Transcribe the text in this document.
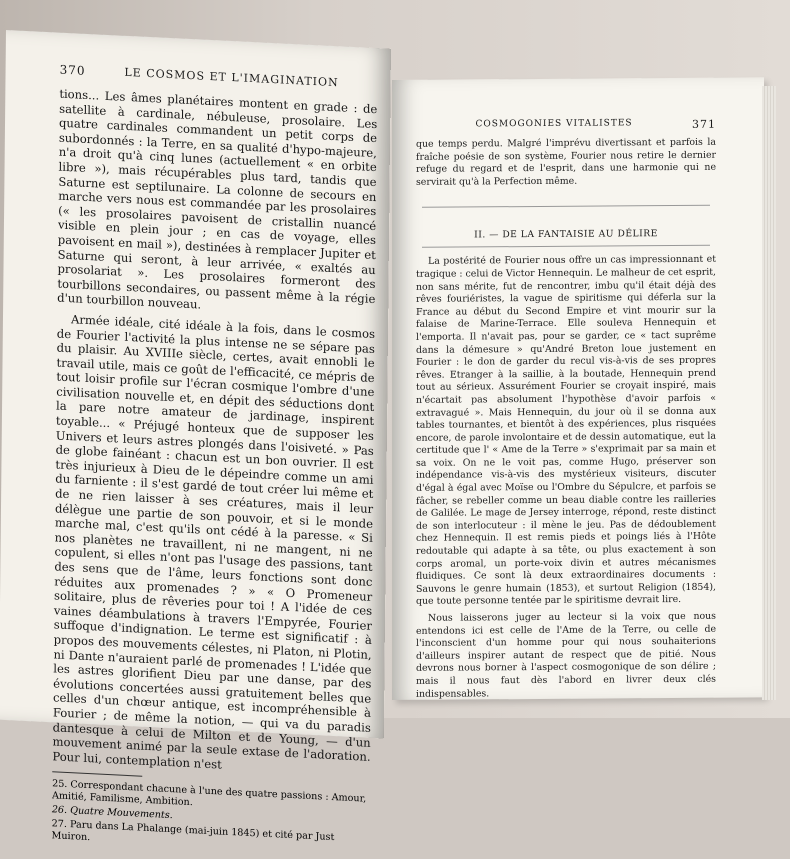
370	LE COSMOS ET L'IMAGINATION

tions... Les âmes planétaires montent en grade : de satellite à cardinale, nébuleuse, prosolaire. Les quatre cardinales commandent un petit corps de subordonnés : la Terre, en sa qualité d'hypo-majeure, n'a droit qu'à cinq lunes (actuellement « en orbite libre »), mais récupérables plus tard, tandis que Saturne est septilunaire. La colonne de secours en marche vers nous est commandée par les prosolaires (« les prosolaires pavoisent de cristallin nuancé visible en plein jour ; en cas de voyage, elles pavoisent en mail »), destinées à remplacer Jupiter et Saturne qui seront, à leur arrivée, « exaltés au prosolariat ». Les prosolaires formeront des tourbillons secondaires, ou passent même à la régie d'un tourbillon nouveau.

Armée idéale, cité idéale à la fois, dans le cosmos de Fourier l'activité la plus intense ne se sépare pas du plaisir. Au XVIIIe siècle, certes, avait ennobli le travail utile, mais ce goût de l'efficacité, ce mépris de tout loisir profile sur l'écran cosmique l'ombre d'une civilisation nouvelle et, en dépit des séductions dont la pare notre amateur de jardinage, inspirent toyable... « Préjugé honteux que de supposer les Univers et leurs astres plongés dans l'oisiveté. » Pas de globe fainéant : chacun est un bon ouvrier. Il est très injurieux à Dieu de le dépeindre comme un ami du farniente : il s'est gardé de tout créer lui même et de ne rien laisser à ses créatures, mais il leur délègue une partie de son pouvoir, et si le monde marche mal, c'est qu'ils ont cédé à la paresse. « Si nos planètes ne travaillent, ni ne mangent, ni ne copulent, si elles n'ont pas l'usage des passions, tant des sens que de l'âme, leurs fonctions sont donc réduites aux promenades ? » « O Promeneur solitaire, plus de rêveries pour toi ! A l'idée de ces vaines déambulations à travers l'Empyrée, Fourier suffoque d'indignation. Le terme est significatif : à propos des mouvements célestes, ni Platon, ni Plotin, ni Dante n'auraient parlé de promenades ! L'idée que les astres glorifient Dieu par une danse, par des évolutions concertées aussi gratuitement belles que celles d'un chœur antique, est incompréhensible à Fourier ; de même la notion, — qui va du paradis dantesque à celui de Milton et de Young, — d'un mouvement animé par la seule extase de l'adoration. Pour lui, contemplation n'est

25. Correspondant chacune à l'une des quatre passions : Amour, Amitié, Familisme, Ambition.
26. Quatre Mouvements.
27. Paru dans La Phalange (mai-juin 1845) et cité par Just Muiron.
COSMOGONIES VITALISTES	371

que temps perdu. Malgré l'imprévu divertissant et parfois la fraîche poésie de son système, Fourier nous retire le dernier refuge du regard et de l'esprit, dans une harmonie qui ne servirait qu'à la Perfection même.

II. — DE LA FANTAISIE AU DÉLIRE

La postérité de Fourier nous offre un cas impressionnant et tragique : celui de Victor Hennequin. Le malheur de cet esprit, non sans mérite, fut de rencontrer, imbu qu'il était déjà des rêves fouriéristes, la vague de spiritisme qui déferla sur la France au début du Second Empire et vint mourir sur la falaise de Marine-Terrace. Elle souleva Hennequin et l'emporta. Il n'avait pas, pour se garder, ce « tact suprême dans la démesure » qu'André Breton loue justement en Fourier : le don de garder du recul vis-à-vis de ses propres rêves. Etranger à la saillie, à la boutade, Hennequin prend tout au sérieux. Assurément Fourier se croyait inspiré, mais n'écartait pas absolument l'hypothèse d'avoir parfois « extravagué ». Mais Hennequin, du jour où il se donna aux tables tournantes, et bientôt à des expériences, plus risquées encore, de parole involontaire et de dessin automatique, eut la certitude que l' « Ame de la Terre » s'exprimait par sa main et sa voix. On ne le voit pas, comme Hugo, préserver son indépendance vis-à-vis des mystérieux visiteurs, discuter d'égal à égal avec Moïse ou l'Ombre du Sépulcre, et parfois se fâcher, se rebeller comme un beau diable contre les railleries de Galilée. Le mage de Jersey interroge, répond, reste distinct de son interlocuteur : il mène le jeu. Pas de dédoublement chez Hennequin. Il est remis pieds et poings liés à l'Hôte redoutable qui adapte à sa tête, ou plus exactement à son corps aromal, un porte-voix divin et autres mécanismes fluidiques. Ce sont là deux extraordinaires documents : Sauvons le genre humain (1853), et surtout Religion (1854), que toute personne tentée par le spiritisme devrait lire.

Nous laisserons juger au lecteur si la voix que nous entendons ici est celle de l'Ame de la Terre, ou celle de l'inconscient d'un homme pour qui nous souhaiterions d'ailleurs inspirer autant de respect que de pitié. Nous devrons nous borner à l'aspect cosmogonique de son délire ; mais il nous faut dès l'abord en livrer deux clés indispensables.
